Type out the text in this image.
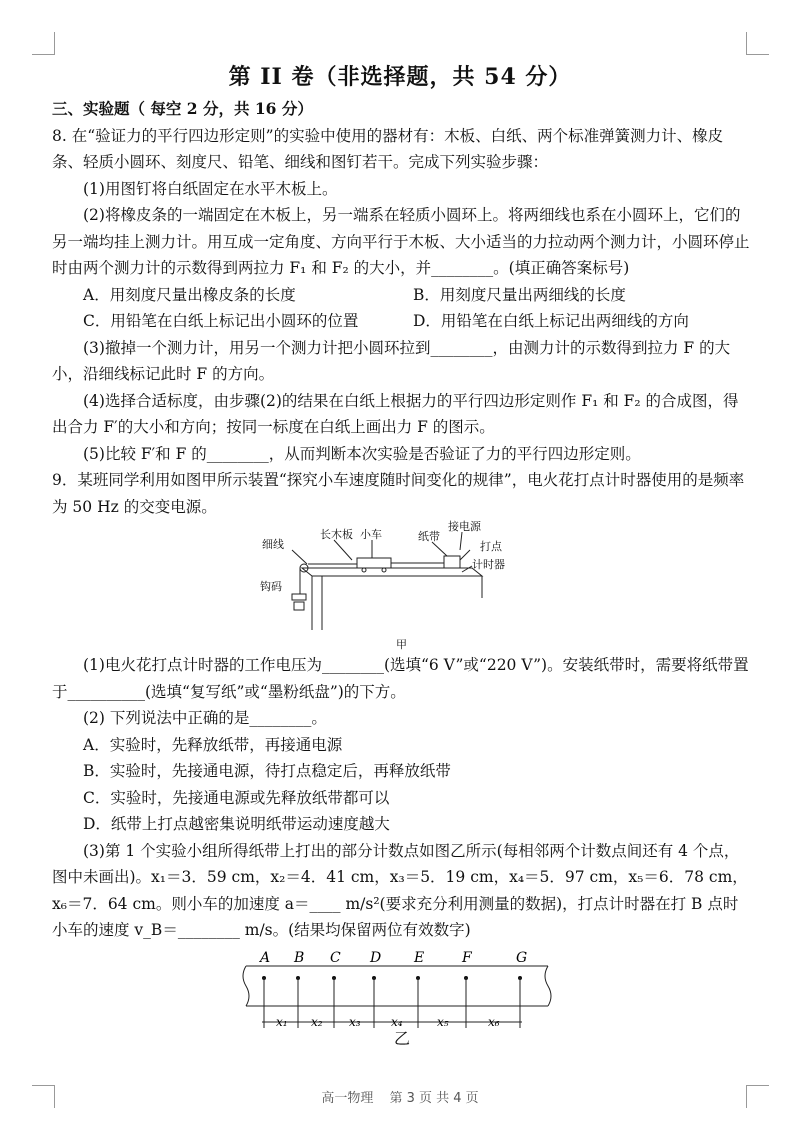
第 II 卷（非选择题，共 54 分）

三、实验题（ 每空 2 分，共 16 分）

8. 在“验证力的平行四边形定则”的实验中使用的器材有：木板、白纸、两个标准弹簧测力计、橡皮条、轻质小圆环、刻度尺、铅笔、细线和图钉若干。完成下列实验步骤：

(1)用图钉将白纸固定在水平木板上。

(2)将橡皮条的一端固定在木板上，另一端系在轻质小圆环上。将两细线也系在小圆环上，它们的另一端均挂上测力计。用互成一定角度、方向平行于木板、大小适当的力拉动两个测力计，小圆环停止时由两个测力计的示数得到两拉力 F₁ 和 F₂ 的大小，并________。(填正确答案标号)

A．用刻度尺量出橡皮条的长度	B．用刻度尺量出两细线的长度
C．用铅笔在白纸上标记出小圆环的位置	D．用铅笔在白纸上标记出两细线的方向

(3)撤掉一个测力计，用另一个测力计把小圆环拉到________，由测力计的示数得到拉力 F 的大小，沿细线标记此时 F 的方向。

(4)选择合适标度，由步骤(2)的结果在白纸上根据力的平行四边形定则作 F₁ 和 F₂ 的合成图，得出合力 F′的大小和方向；按同一标度在白纸上画出力 F 的图示。

(5)比较 F′和 F 的________，从而判断本次实验是否验证了力的平行四边形定则。

9．某班同学利用如图甲所示装置“探究小车速度随时间变化的规律”，电火花打点计时器使用的是频率为 50 Hz 的交变电源。

长木板 小车	纸带
接电源
细线	打点
计时器
钩码
甲

(1)电火花打点计时器的工作电压为________(选填“6 V”或“220 V”)。安装纸带时，需要将纸带置于__________(选填“复写纸”或“墨粉纸盘”)的下方。

(2) 下列说法中正确的是________。

A．实验时，先释放纸带，再接通电源

B．实验时，先接通电源，待打点稳定后，再释放纸带

C．实验时，先接通电源或先释放纸带都可以

D．纸带上打点越密集说明纸带运动速度越大

(3)第 1 个实验小组所得纸带上打出的部分计数点如图乙所示(每相邻两个计数点间还有 4 个点，图中未画出)。x₁＝3．59 cm，x₂＝4．41 cm，x₃＝5．19 cm，x₄＝5．97 cm，x₅＝6．78 cm，x₆＝7．64 cm。则小车的加速度 a＝____ m/s²(要求充分利用测量的数据)，打点计时器在打 B 点时小车的速度 v_B＝________ m/s。(结果均保留两位有效数字)

A B C D E	F	G
x₁ x₂ x₃	x₄	x₅	x₆
乙
高一物理 第 3 页 共 4 页
